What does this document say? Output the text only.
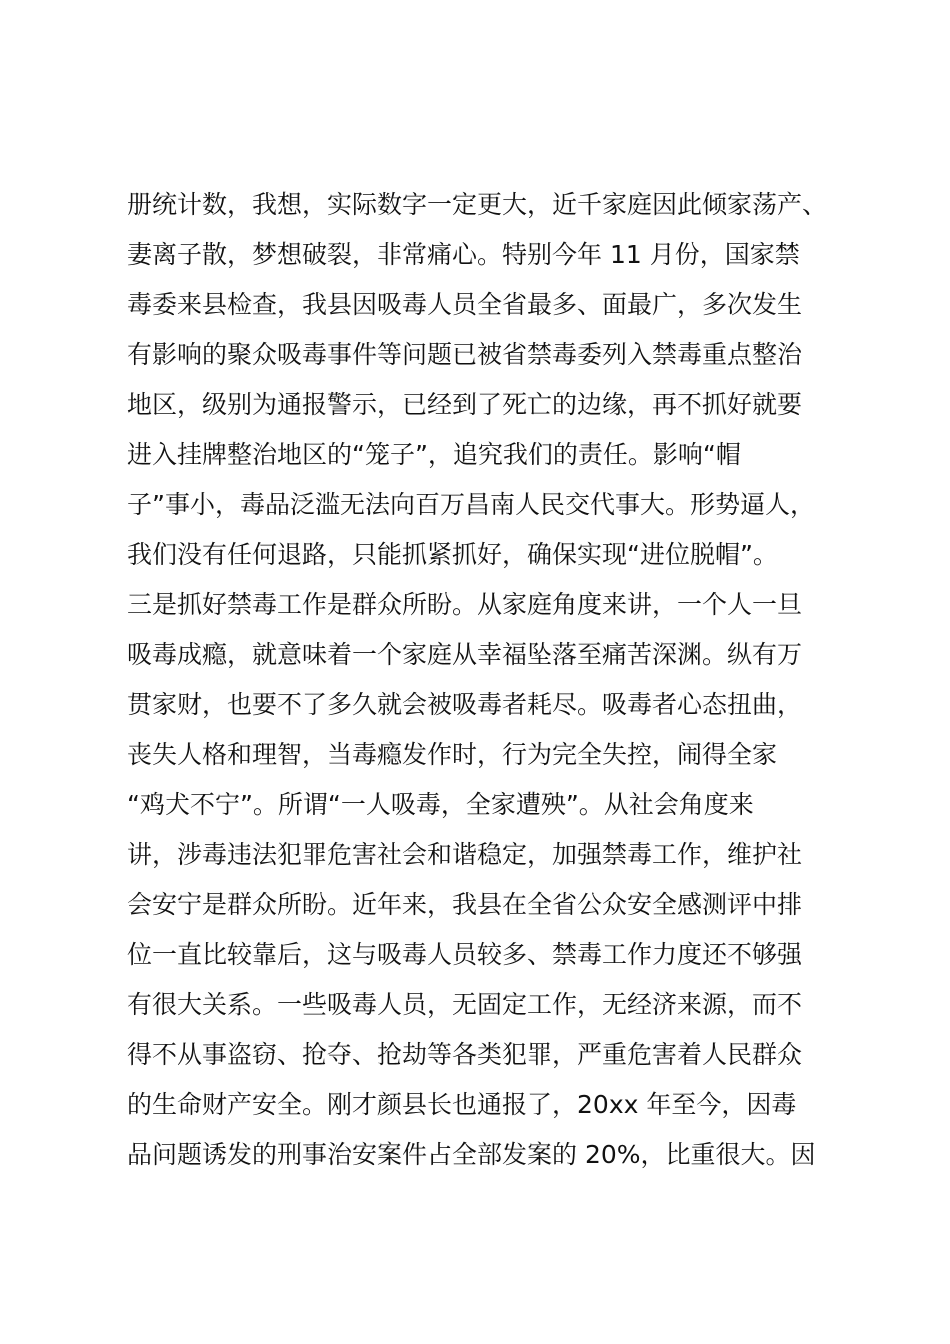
册统计数，我想，实际数字一定更大，近千家庭因此倾家荡产、
妻离子散，梦想破裂，非常痛心。特别今年 11 月份，国家禁
毒委来县检查，我县因吸毒人员全省最多、面最广，多次发生
有影响的聚众吸毒事件等问题已被省禁毒委列入禁毒重点整治
地区，级别为通报警示，已经到了死亡的边缘，再不抓好就要
进入挂牌整治地区的“笼子”，追究我们的责任。影响“帽
子”事小，毒品泛滥无法向百万昌南人民交代事大。形势逼人，
我们没有任何退路，只能抓紧抓好，确保实现“进位脱帽”。
三是抓好禁毒工作是群众所盼。从家庭角度来讲，一个人一旦
吸毒成瘾，就意味着一个家庭从幸福坠落至痛苦深渊。纵有万
贯家财，也要不了多久就会被吸毒者耗尽。吸毒者心态扭曲，
丧失人格和理智，当毒瘾发作时，行为完全失控，闹得全家
“鸡犬不宁”。所谓“一人吸毒，全家遭殃”。从社会角度来
讲，涉毒违法犯罪危害社会和谐稳定，加强禁毒工作，维护社
会安宁是群众所盼。近年来，我县在全省公众安全感测评中排
位一直比较靠后，这与吸毒人员较多、禁毒工作力度还不够强
有很大关系。一些吸毒人员，无固定工作，无经济来源，而不
得不从事盗窃、抢夺、抢劫等各类犯罪，严重危害着人民群众
的生命财产安全。刚才颜县长也通报了，20xx 年至今，因毒
品问题诱发的刑事治安案件占全部发案的 20%，比重很大。因
